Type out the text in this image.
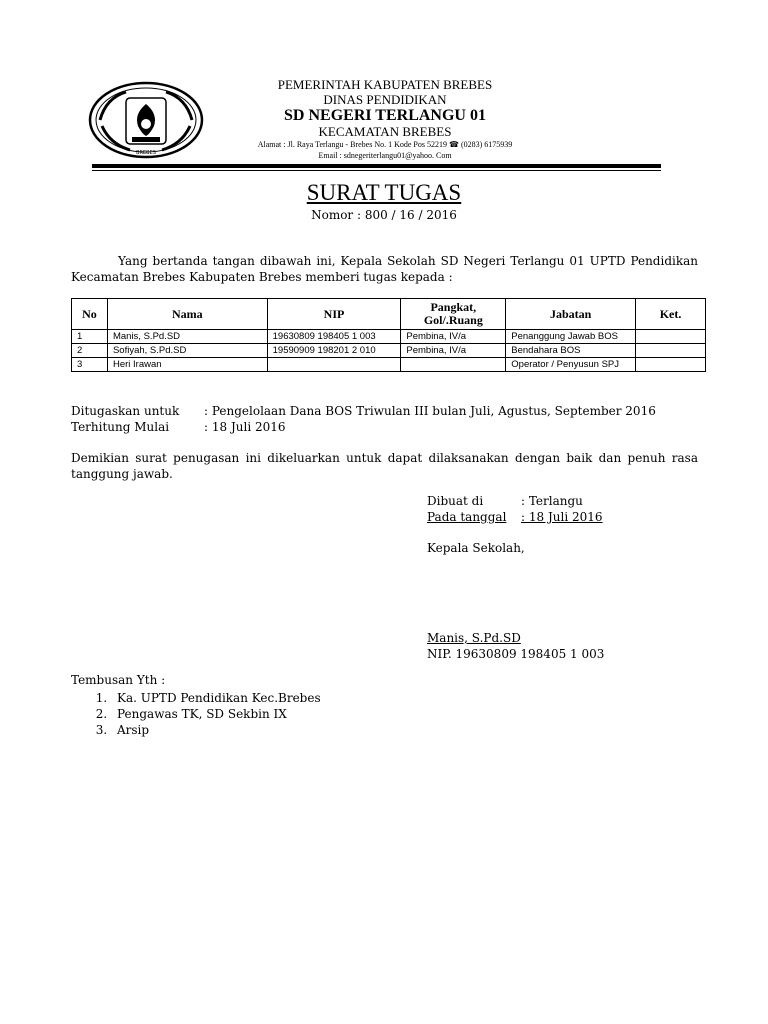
BREBES
PEMERINTAH KABUPATEN BREBES
DINAS PENDIDIKAN
SD NEGERI TERLANGU 01
KECAMATAN BREBES
Alamat : Jl. Raya Terlangu - Brebes No. 1 Kode Pos 52219 ☎ (0283) 6175939
Email : sdnegeriterlangu01@yahoo. Com
SURAT TUGAS
Nomor : 800 / 16 / 2016
Yang bertanda tangan dibawah ini, Kepala Sekolah SD Negeri Terlangu 01 UPTD Pendidikan Kecamatan Brebes Kabupaten Brebes memberi tugas kepada :
No	Nama	NIP	Pangkat, Gol/.Ruang	Jabatan	Ket.
1	Manis, S.Pd.SD	19630809 198405 1 003	Pembina, IV/a	Penanggung Jawab BOS	
2	Sofiyah, S.Pd.SD	19590909 198201 2 010	Pembina, IV/a	Bendahara BOS	
3	Heri Irawan			Operator / Penyusun SPJ	
Ditugaskan untuk : Pengelolaan Dana BOS Triwulan III bulan Juli, Agustus, September 2016
Terhitung Mulai	: 18 Juli 2016
Demikian surat penugasan ini dikeluarkan untuk dapat dilaksanakan dengan baik dan penuh rasa tanggung jawab.
Dibuat di	: Terlangu
Pada tanggal	: 18 Juli 2016
Kepala Sekolah,
Manis, S.Pd.SD
NIP. 19630809 198405 1 003
Tembusan Yth :
1. Ka. UPTD Pendidikan Kec.Brebes
2. Pengawas TK, SD Sekbin IX
3. Arsip
